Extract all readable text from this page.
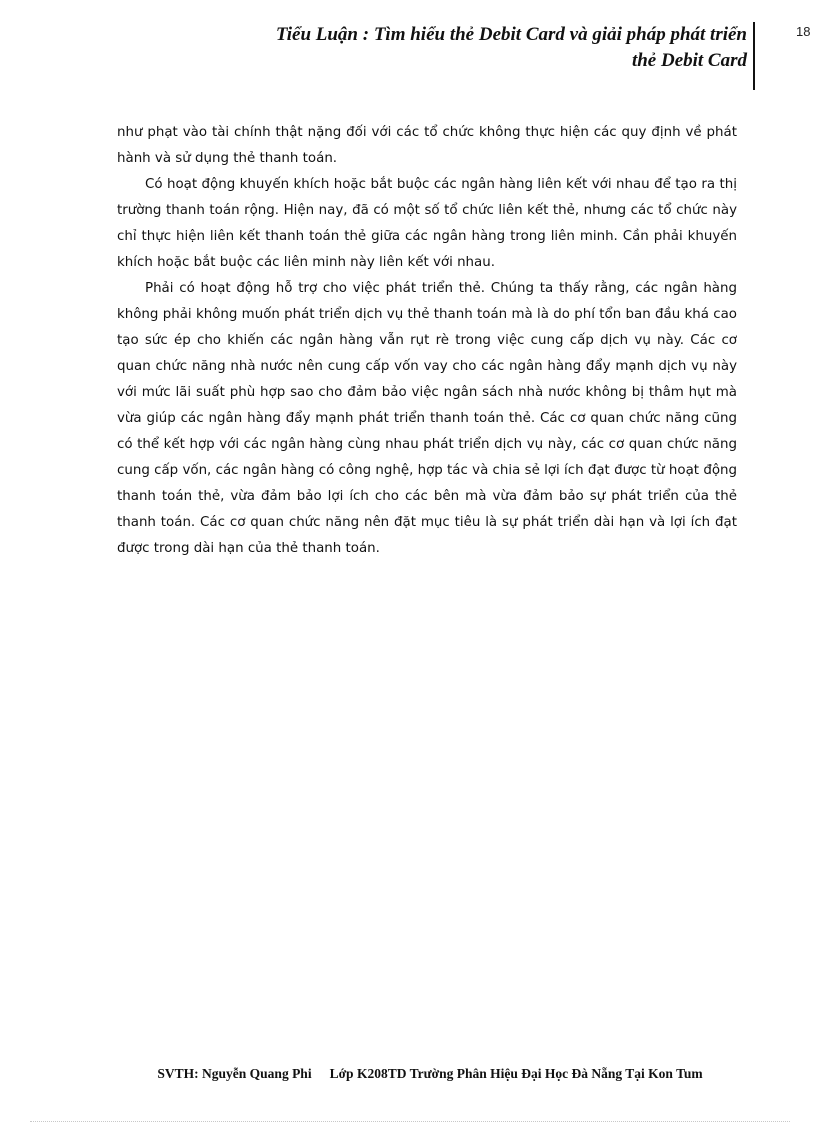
Tiểu Luận : Tìm hiểu thẻ Debit Card và giải pháp phát triển
thẻ Debit Card
18

như phạt vào tài chính thật nặng đối với các tổ chức không thực hiện các quy định về phát hành và sử dụng thẻ thanh toán.

Có hoạt động khuyến khích hoặc bắt buộc các ngân hàng liên kết với nhau để tạo ra thị trường thanh toán rộng. Hiện nay, đã có một số tổ chức liên kết thẻ, nhưng các tổ chức này chỉ thực hiện liên kết thanh toán thẻ giữa các ngân hàng trong liên minh. Cần phải khuyến khích hoặc bắt buộc các liên minh này liên kết với nhau.

Phải có hoạt động hỗ trợ cho việc phát triển thẻ. Chúng ta thấy rằng, các ngân hàng không phải không muốn phát triển dịch vụ thẻ thanh toán mà là do phí tổn ban đầu khá cao tạo sức ép cho khiến các ngân hàng vẫn rụt rè trong việc cung cấp dịch vụ này. Các cơ quan chức năng nhà nước nên cung cấp vốn vay cho các ngân hàng đẩy mạnh dịch vụ này với mức lãi suất phù hợp sao cho đảm bảo việc ngân sách nhà nước không bị thâm hụt mà vừa giúp các ngân hàng đẩy mạnh phát triển thanh toán thẻ. Các cơ quan chức năng cũng có thể kết hợp với các ngân hàng cùng nhau phát triển dịch vụ này, các cơ quan chức năng cung cấp vốn, các ngân hàng có công nghệ, hợp tác và chia sẻ lợi ích đạt được từ hoạt động thanh toán thẻ, vừa đảm bảo lợi ích cho các bên mà vừa đảm bảo sự phát triển của thẻ thanh toán. Các cơ quan chức năng nên đặt mục tiêu là sự phát triển dài hạn và lợi ích đạt được trong dài hạn của thẻ thanh toán.

SVTH: Nguyễn Quang Phi Lớp K208TD Trường Phân Hiệu Đại Học Đà Nẵng Tại Kon Tum
